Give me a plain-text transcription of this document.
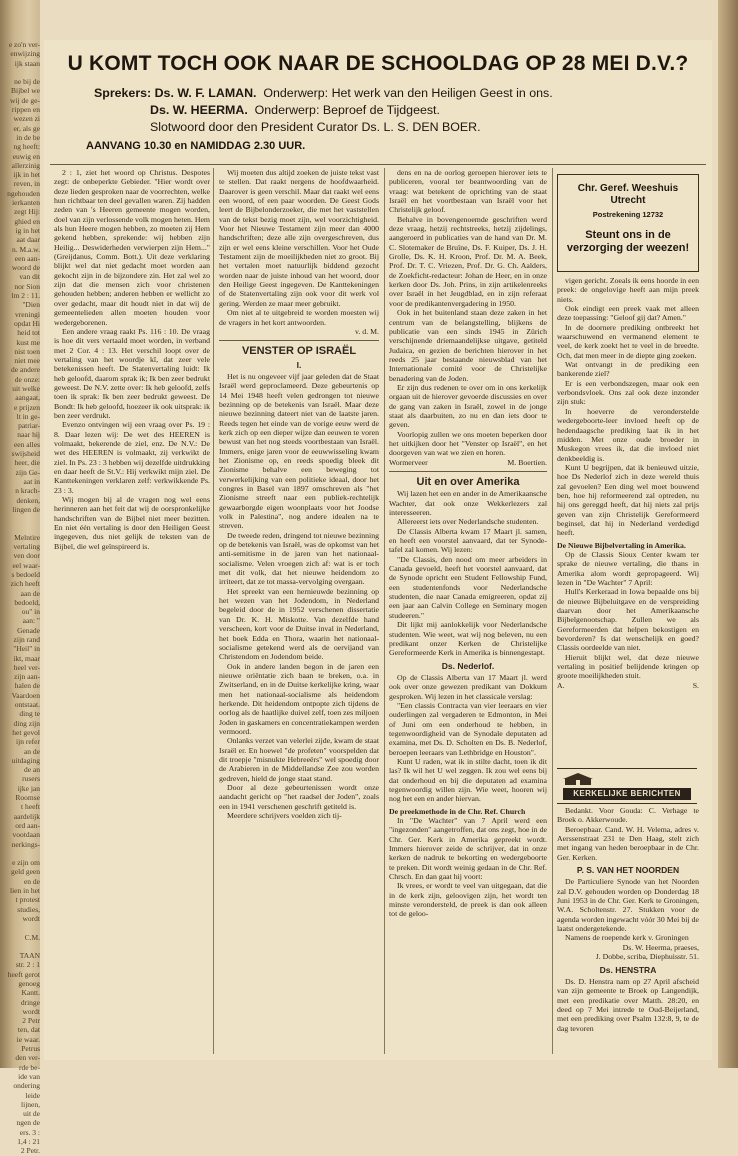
e zo'n ver-
enwijzing
ijk staan

ne bij de
Bijbel we
wij de ge-
rippen en
wezen zi
er, als ge
in de be
ng heeft:
euwig en
allerzinig
ijk in het
reven, in
ngehouden
ierkanten
zegt Hij:
ghied en
ig in het
aat daar
n. M.a.w.
een aan-
woord de
van dit
nor Sion
lm 2 : 11.
"Dien
vreningi
opdat Hi
heid tot
kust me
nist toen
niet mee
de andere
de onze:
uit welke
aangaat,
e prijzen
lt in ge-
patriar-
naar hij
een alles
swijsheid
heer, die
zijn Ge-
aat in
n krach-
denken,
lingen de

Melntire
vertaling
ven door
eel waar-
s bedoeld
zich heeft
aan de
bedoeld,
ou" in
aan: "
Genade
zijn rand
"Heil" in
ikt, maar
heel ver-
zijn aan-
halen de
Vaardoen
ontstaat.
ding te
ding zijn
het gevol
ijn refer
an de
uitdaging
de an
rusers
ijke jan
Roomse
t heeft
aardelijk
ord aan-
vootdaan
nerkings-

e zijn om
geld geen
en de
lien in het
t protest
studies,
wordt

C.M.

TAAN
str. 2 : 1
heeft gerot
genoeg
Kantt.
dringe
wordt
2 Petr
ten, dat
ie waar.
Petrus
den ver-
rde be-
ide van
ondering
leide
lijnen,
uit de
ngen de
ers. 3 :
1,4 : 21
2 Petr.
U KOMT TOCH OOK NAAR DE SCHOOLDAG OP 28 MEI D.V.?
Sprekers: Ds. W. F. LAMAN. Onderwerp: Het werk van den Heiligen Geest in ons.
Ds. W. HEERMA. Onderwerp: Beproef de Tijdgeest.
Slotwoord door den President Curator Ds. L. S. DEN BOER.
AANVANG 10.30 en NAMIDDAG 2.30 UUR.

2 : 1, ziet het woord op Christus. Despotes zegt: de onbeperkte Gebieder. "Hier wordt over deze lieden gesproken naar de voorrechten, welke hun richtbaar ten deel gevallen waren. Zij hadden zeden van 's Heeren gemeente mogen worden, doel van zijn verlossende volk mogen heten. Hem als hun Heere mogen hebben, zo moeten zij Hem gekend hebben, sprekende: wij hebben zijn Heilig... Deswiderheden verwierpen zijn Hem..." (Greijdanus, Comm. Bott.). Uit deze verklaring blijkt wel dat niet gedacht moet worden aan gekocht zijn in de bijzondere zin. Het zal wel zo zijn dat die mensen zich voor christenen gehouden hebben; anderen hebben er wellicht zo over gedacht, maar dit houdt niet in dat wij de gemeentelieden allen moeten houden voor wedergeborenen.

Een andere vraag raakt Ps. 116 : 10. De vraag is hoe dit vers vertaald moet worden, in verband met 2 Cor. 4 : 13. Het verschil loopt over de vertaling van het woordje kî, dat zeer vele betekenissen heeft. De Statenvertaling luidt: Ik heb geloofd, daarom sprak ik; Ik ben zeer bedrukt geweest. De N.V. zette over: Ik heb geloofd, zelfs toen ik sprak: Ik ben zeer bedrukt geweest. De Bondt: Ik heb geloofd, hoezeer ik ook uitsprak: ik ben zeer verdrukt.

Evenzo ontvingen wij een vraag over Ps. 19 : 8. Daar lezen wij: De wet des HEEREN is volmaakt, bekerende de ziel, enz. De N.V.: De wet des HEEREN is volmaakt, zij verkwikt de ziel. In Ps. 23 : 3 hebben wij dezelfde uitdrukking en daar heeft de St.V.: Hij verkwikt mijn ziel. De Kanttekeningen verklaren zelf: verkwikkende Ps. 23 : 3.

Wij mogen bij al de vragen nog wel eens herinneren aan het feit dat wij de oorspronkelijke handschriften van de Bijbel niet meer bezitten. En niet één vertaling is door den Heiligen Geest ingegeven, dus niet gelijk de teksten van de Bijbel, die wel geïnspireerd is.

Wij moeten dus altijd zoeken de juiste tekst vast te stellen. Dat raakt nergens de hoofdwaarheid. Daarover is geen verschil. Maar dat raakt wel eens een woord, of een paar woorden. De Geest Gods leert de Bijbelonderzoeker, die met het vaststellen van de tekst bezig moet zijn, wel voorzichtigheid. Voor het Nieuwe Testament zijn meer dan 4000 handschriften; deze alle zijn overgeschreven, dus zijn er wel eens kleine verschillen. Voor het Oude Testament zijn de moeilijkheden niet zo groot. Bij het vertalen moet natuurlijk biddend gezocht worden naar de juiste inhoud van het woord, door den Heilige Geest ingegeven. De Kanttekeningen of de Statenvertaling zijn ook voor dit werk vol gering. Werden ze maar meer gebruikt.

Om niet al te uitgebreid te worden moesten wij de vragers in het kort antwoorden.

v. d. M.

VENSTER OP ISRAËL

I.

Het is nu ongeveer vijf jaar geleden dat de Staat Israël werd geproclameerd. Deze gebeurtenis op 14 Mei 1948 heeft velen gedrongen tot nieuwe bezinning op de betekenis van Israël. Maar deze nieuwe bezinning dateert niet van de laatste jaren. Reeds tegen het einde van de vorige eeuw werd de kerk zich op een dieper wijze dan eeuwen te voren bewust van het nog steeds voortbestaan van Israël. Immers, enige jaren voor de eeuwwisseling kwam het Zionisme op, en reeds spoedig bleek dit Zionisme behalve een beweging tot verwerkelijking van een politieke ideaal, door het congres in Basel van 1897 omschreven als "het Zionisme streeft naar een publiek-rechtelijk gewaarborgde eigen woonplaats voor het Joodse volk in Palestina", nog andere idealen na te streven.

De tweede reden, dringend tot nieuwe bezinning op de betekenis van Israël, was de opkomst van het anti-semitisme in de jaren van het nationaal-socialisme. Velen vroegen zich af: wat is er toch met dit volk, dat het nieuwe heidendom zo irriteert, dat ze tot massa-vervolging overgaan.

Het spreekt van een hernieuwde bezinning op het wezen van het Jodendom, in Nederland begeleid door de in 1952 verschenen dissertatie van Dr. K. H. Miskotte. Van dezelfde hand verscheen, kort voor de Duitse inval in Nederland, het boek Edda en Thora, waarin het nationaal-socialisme getekend werd als de oervijand van Christendom en Jodendom beide.

Ook in andere landen begon in de jaren een nieuwe oriëntatie zich baan te breken, o.a. in Zwitserland, en in de Duitse kerkelijke kring, waar men het nationaal-socialisme als heidendom herkende. Dit heidendom ontpopte zich tijdens de oorlog als de haatlijke duivel zelf, toen zes miljoen Joden in gaskamers en concentratiekampen werden vermoord.

Onlanks verzet van velerlei zijde, kwam de staat Israël er. En hoewel "de profeten" voorspelden dat dit troepje "misnukte Hebreeërs" wel spoedig door de Arabieren in de Middellandse Zee zou worden gedreven, hield de jonge staat stand.

Door al deze gebeurtenissen wordt onze aandacht gericht op "het raadsel der Joden", zoals een in 1941 verschenen geschrift getiteld is.

Meerdere schrijvers voelden zich tij-

dens en na de oorlog geroepen hierover iets te publiceren, vooral ter beantwoording van de vraag: wat betekent de oprichting van de staat Israël en het voortbestaan van Israël voor het Christelijk geloof.

Behalve in bovengenoemde geschriften werd deze vraag, hetzij rechtstreeks, hetzij zijdelings, aangeroerd in publicaties van de hand van Dr. M. C. Slotemaker de Bruïne, Ds. F. Kuiper, Ds. J. H. Grolle, Ds. K. H. Kroon, Prof. Dr. M. A. Beek, Prof. Dr. T. C. Vriezen, Prof. Dr. G. Ch. Aalders, de Zoekficht-redacteur: Johan de Heer, en in onze kerken door Ds. Joh. Prins, in zijn artikelenreeks over Israël in het Jeugdblad, en in zijn referaat voor de predikantenvergadering in 1950.

Ook in het buitenland staan deze zaken in het centrum van de belangstelling, blijkens de publicatie van een sinds 1945 in Zürich verschijnende driemaandelijkse uitgave, getiteld Judaica, en gezien de berichten hierover in het reeds 25 jaar bestaande nieuwsblad van het Internationale comité voor de Christelijke benadering van de Joden.

Er zijn dus redenen te over om in ons kerkelijk orgaan uit de hierover gevoerde discussies en over de gang van zaken in Israël, zowel in de jonge staat als daarbuiten, zo nu en dan iets door te geven.

Voorlopig zullen we ons moeten beperken door het uitkijken door het "Venster op Israël", en het doorgeven van wat we zien en horen.

Wormerveer	M. Boertien.

Uit en over Amerika

Wij lazen het een en ander in de Amerikaansche Wachter, dat ook onze Wekkerlezers zal interesseeren.

Allereerst iets over Nederlandsche studenten.

De Classis Alberta kwam 17 Maart jl. samen, en heeft een voorstel aanvaard, dat ter Synode-tafel zal komen. Wij lezen:

"De Classis, den nood om meer arbeiders in Canada gevoeld, heeft het voorstel aanvaard, dat de Synode opricht een Student Fellowship Fund, een studentenfonds voor Nederlandsche studenten, die naar Canada emigreeren, opdat zij een jaar aan Calvin College en Seminary mogen studeeren."

Dit lijkt mij aanlokkelijk voor Nederlandsche studenten. Wie weet, wat wij nog beleven, nu een predikant onzer Kerken de Christelijke Gereformeerde Kerk in Amerika is binnengestapt.

Ds. Nederlof.

Op de Classis Alberta van 17 Maart jl. werd ook over onze gewezen predikant van Dokkum gesproken. Wij lezen in het classicale verslag:

"Een classis Contracta van vier leeraars en vier ouderlingen zal vergaderen te Edmonton, in Mei of Juni om een onderhoud te hebben, in tegenwoordigheid van de Synodale deputaten ad examina, met Ds. D. Scholten en Ds. B. Nederlof, beroepen leeraars van Lethbridge en Houston".

Kunt U raden, wat ik in stilte dacht, toen ik dit las? Ik wil het U wel zeggen. Ik zou wel eens bij dat onderhoud en bij die deputaten ad examina tegenwoordig willen zijn. Wie weet, hooren wij nog het een en ander hiervan.

De preekmethode in de Chr. Ref. Church

In "De Wachter" van 7 April werd een "ingezonden" aangetroffen, dat ons zegt, hoe in de Chr. Ger. Kerk in Amerika gepreekt wordt. Immers hierover zeide de schrijver, dat in onze kerken de nadruk te bekorting en wedergeboorte te preken. Dit wordt weinig gedaan in de Chr. Ref. Chrsch. En dan gaat hij voort:

Ik vrees, er wordt te veel van uitgegaan, dat die in de kerk zijn, geloovigen zijn, het wordt ten minste verondersteld, de preek is dan ook alleen tot de geloo-

Chr. Geref. Weeshuis
Utrecht
Postrekening 12732
Steunt ons in de
verzorging der weezen!

vigen gericht. Zoeals ik eens hoorde in een preek: de ongelovige heeft aan mijn preek niets.

Ook eindigt een preek vaak met alleen deze toepassing: "Geloof gij dat? Amen."

In de doornere prediking ontbreekt het waarschuwend en vermanend element te veel, de kerk zoekt het te veel in de breedte. Och, dat men meer in de diepte ging zoeken.

Wat ontvangt in de prediking een bankerende ziel?

Er is een verbondszegen, maar ook een verbondsvloek. Ons zal ook deze inzonder zijn stuk:

In hoeverre de veronderstelde wedergeboorte-leer invloed heeft op de hedendaagsche prediking laat ik in het midden. Met onze oude broeder in Muskegon vrees ik, dat die invloed niet denkbeeldig is.

Kunt U begrijpen, dat ik benieuwd uitzie, hoe Ds Nederlof zich in deze wereld thuis zal gevoelen? Een ding wel moet bouwend ben, hoe hij reformeerend zal optreden, nu hij ons gereggd heeft, dat hij niets zal prijs geven van zijn Christelijk Gereformeerd beginsel, dat hij in Nederland verdedigd heeft.

De Nieuwe Bijbelvertaling in Amerika.

Op de Classis Sioux Center kwam ter sprake de nieuwe vertaling, die thans in Amerika alom wordt gepropageerd. Wij lezen in "De Wachter" 7 April:

Hull's Kerkeraad in Iowa bepaalde ons bij de nieuwe Bijbeluitgave en de verspreiding daarvan door het Amerikaansche Bijbelgenootschap. Zullen we als Gereformeerden dat helpen bekostigen en bevorderen? Is dat wenschelijk en goed? Classis oordeelde van niet.

Hieruit blijkt wel, dat deze nieuwe vertaling in positief belijdende kringen op groote moeilijkheden stuit.

A.	S.

KERKELIJKE BERICHTEN

Bedankt. Voor Gouda: C. Verhage te Broek o. Akkerwoude.

Beroepbaar. Cand. W. H. Velema, adres v. Aerssenstraat 231 te Den Haag, stelt zich met ingang van heden beroepbaar in de Chr. Ger. Kerken.

P. S. VAN HET NOORDEN

De Particuliere Synode van het Noorden zal D.V. gehouden worden op Donderdag 18 Juni 1953 in de Chr. Ger. Kerk te Groningen, W.A. Scholtenstr. 27. Stukken voor de agenda worden ingewacht vóór 30 Mei bij de laatst ondergetekende.

Namens de roepende kerk v. Groningen

Ds. W. Heerma, praeses,

J. Dobbe, scriba, Diephuisstr. 51.

Ds. HENSTRA

Ds. D. Henstra nam op 27 April afscheid van zijn gemeente te Broek op Langendijk, met een predikatie over Matth. 28:20, en deed op 7 Mei intrede te Oud-Beijerland, met een prediking over Psalm 132:8, 9, te de dag tevoren
